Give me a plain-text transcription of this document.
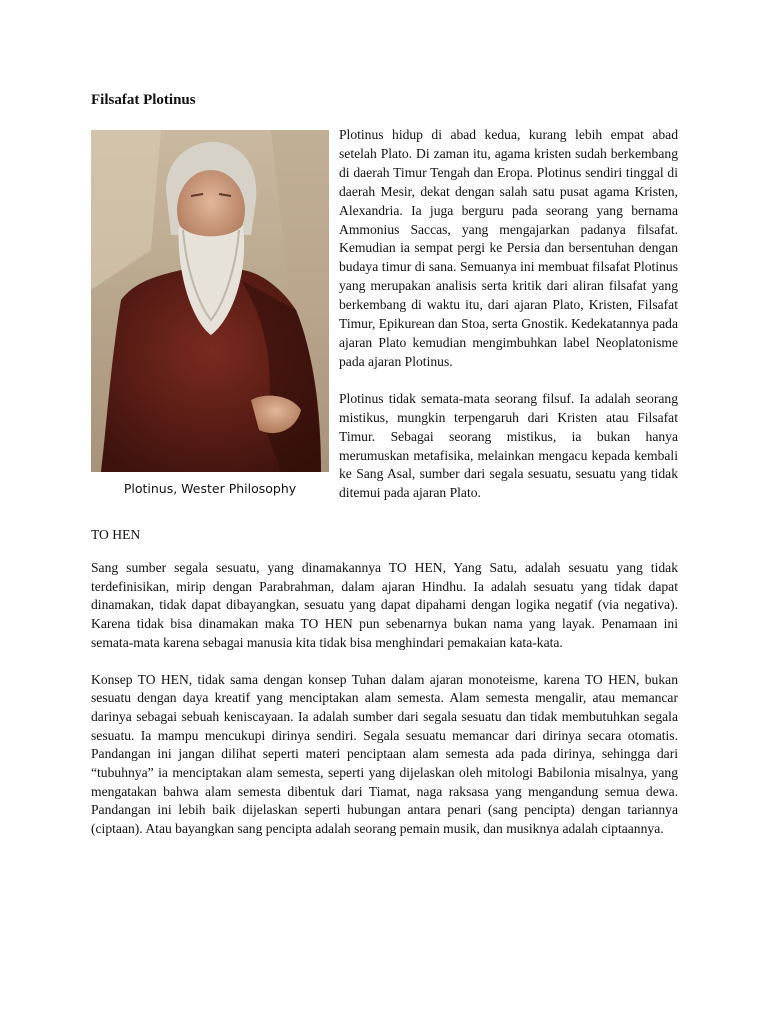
Filsafat Plotinus
Plotinus, Wester Philosophy

Plotinus hidup di abad kedua, kurang lebih empat abad setelah Plato. Di zaman itu, agama kristen sudah berkembang di daerah Timur Tengah dan Eropa. Plotinus sendiri tinggal di daerah Mesir, dekat dengan salah satu pusat agama Kristen, Alexandria. Ia juga berguru pada seorang yang bernama Ammonius Saccas, yang mengajarkan padanya filsafat. Kemudian ia sempat pergi ke Persia dan bersentuhan dengan budaya timur di sana. Semuanya ini membuat filsafat Plotinus yang merupakan analisis serta kritik dari aliran filsafat yang berkembang di waktu itu, dari ajaran Plato, Kristen, Filsafat Timur, Epikurean dan Stoa, serta Gnostik. Kedekatannya pada ajaran Plato kemudian mengimbuhkan label Neoplatonisme pada ajaran Plotinus.

Plotinus tidak semata-mata seorang filsuf. Ia adalah seorang mistikus, mungkin terpengaruh dari Kristen atau Filsafat Timur. Sebagai seorang mistikus, ia bukan hanya merumuskan metafisika, melainkan mengacu kepada kembali ke Sang Asal, sumber dari segala sesuatu, sesuatu yang tidak ditemui pada ajaran Plato.

TO HEN

Sang sumber segala sesuatu, yang dinamakannya TO HEN, Yang Satu, adalah sesuatu yang tidak terdefinisikan, mirip dengan Parabrahman, dalam ajaran Hindhu. Ia adalah sesuatu yang tidak dapat dinamakan, tidak dapat dibayangkan, sesuatu yang dapat dipahami dengan logika negatif (via negativa). Karena tidak bisa dinamakan maka TO HEN pun sebenarnya bukan nama yang layak. Penamaan ini semata-mata karena sebagai manusia kita tidak bisa menghindari pemakaian kata-kata.

Konsep TO HEN, tidak sama dengan konsep Tuhan dalam ajaran monoteisme, karena TO HEN, bukan sesuatu dengan daya kreatif yang menciptakan alam semesta. Alam semesta mengalir, atau memancar darinya sebagai sebuah keniscayaan. Ia adalah sumber dari segala sesuatu dan tidak membutuhkan segala sesuatu. Ia mampu mencukupi dirinya sendiri. Segala sesuatu memancar dari dirinya secara otomatis. Pandangan ini jangan dilihat seperti materi penciptaan alam semesta ada pada dirinya, sehingga dari “tubuhnya” ia menciptakan alam semesta, seperti yang dijelaskan oleh mitologi Babilonia misalnya, yang mengatakan bahwa alam semesta dibentuk dari Tiamat, naga raksasa yang mengandung semua dewa. Pandangan ini lebih baik dijelaskan seperti hubungan antara penari (sang pencipta) dengan tariannya (ciptaan). Atau bayangkan sang pencipta adalah seorang pemain musik, dan musiknya adalah ciptaannya.
